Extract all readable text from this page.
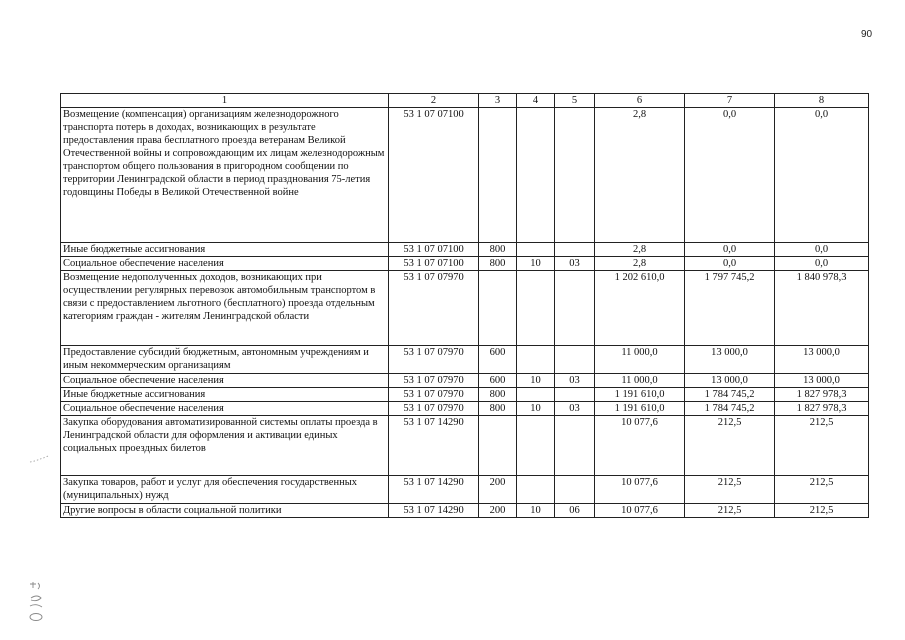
90
1	2	3	4	5	6	7	8
Возмещение (компенсация) организациям железнодорожного транспорта потерь в доходах, возникающих в результате предоставления права бесплатного проезда ветеранам Великой Отечественной войны и сопровождающим их лицам железнодорожным транспортом общего пользования в пригородном сообщении по территории Ленинградской области в период празднования 75-летия годовщины Победы в Великой Отечественной войне	53 1 07 07100				2,8	0,0	0,0
Иные бюджетные ассигнования	53 1 07 07100	800			2,8	0,0	0,0
Социальное обеспечение населения	53 1 07 07100	800	10	03	2,8	0,0	0,0
Возмещение недополученных доходов, возникающих при осуществлении регулярных перевозок автомобильным транспортом в связи с предоставлением льготного (бесплатного) проезда отдельным категориям граждан - жителям Ленинградской области	53 1 07 07970				1 202 610,0	1 797 745,2	1 840 978,3
Предоставление субсидий бюджетным, автономным учреждениям и иным некоммерческим организациям	53 1 07 07970	600			11 000,0	13 000,0	13 000,0
Социальное обеспечение населения	53 1 07 07970	600	10	03	11 000,0	13 000,0	13 000,0
Иные бюджетные ассигнования	53 1 07 07970	800			1 191 610,0	1 784 745,2	1 827 978,3
Социальное обеспечение населения	53 1 07 07970	800	10	03	1 191 610,0	1 784 745,2	1 827 978,3
Закупка оборудования автоматизированной системы оплаты проезда в Ленинградской области для оформления и активации единых социальных проездных билетов	53 1 07 14290				10 077,6	212,5	212,5
Закупка товаров, работ и услуг для обеспечения государственных (муниципальных) нужд	53 1 07 14290	200			10 077,6	212,5	212,5
Другие вопросы в области социальной политики	53 1 07 14290	200	10	06	10 077,6	212,5	212,5
